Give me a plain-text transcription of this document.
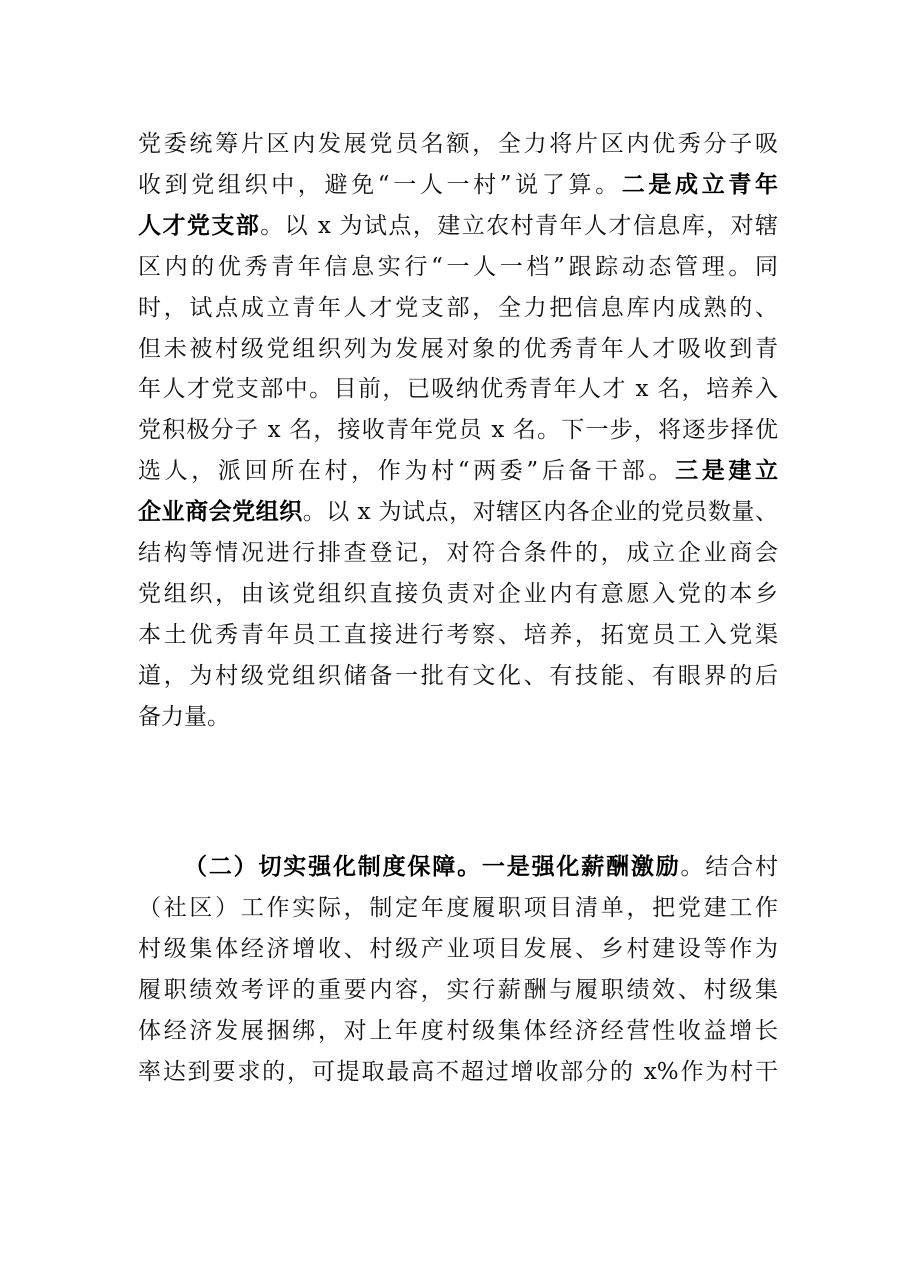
党委统筹片区内发展党员名额，全力将片区内优秀分子吸
收到党组织中，避免“一人一村”说了算。二是成立青年
人才党支部。以 x 为试点，建立农村青年人才信息库，对辖
区内的优秀青年信息实行“一人一档”跟踪动态管理。同
时，试点成立青年人才党支部，全力把信息库内成熟的、
但未被村级党组织列为发展对象的优秀青年人才吸收到青
年人才党支部中。目前，已吸纳优秀青年人才 x 名，培养入
党积极分子 x 名，接收青年党员 x 名。下一步，将逐步择优
选人，派回所在村，作为村“两委”后备干部。三是建立
企业商会党组织。以 x 为试点，对辖区内各企业的党员数量、
结构等情况进行排查登记，对符合条件的，成立企业商会
党组织，由该党组织直接负责对企业内有意愿入党的本乡
本土优秀青年员工直接进行考察、培养，拓宽员工入党渠
道，为村级党组织储备一批有文化、有技能、有眼界的后
备力量。
（二）切实强化制度保障。一是强化薪酬激励。结合村
（社区）工作实际，制定年度履职项目清单，把党建工作
村级集体经济增收、村级产业项目发展、乡村建设等作为
履职绩效考评的重要内容，实行薪酬与履职绩效、村级集
体经济发展捆绑，对上年度村级集体经济经营性收益增长
率达到要求的，可提取最高不超过增收部分的 x%作为村干
